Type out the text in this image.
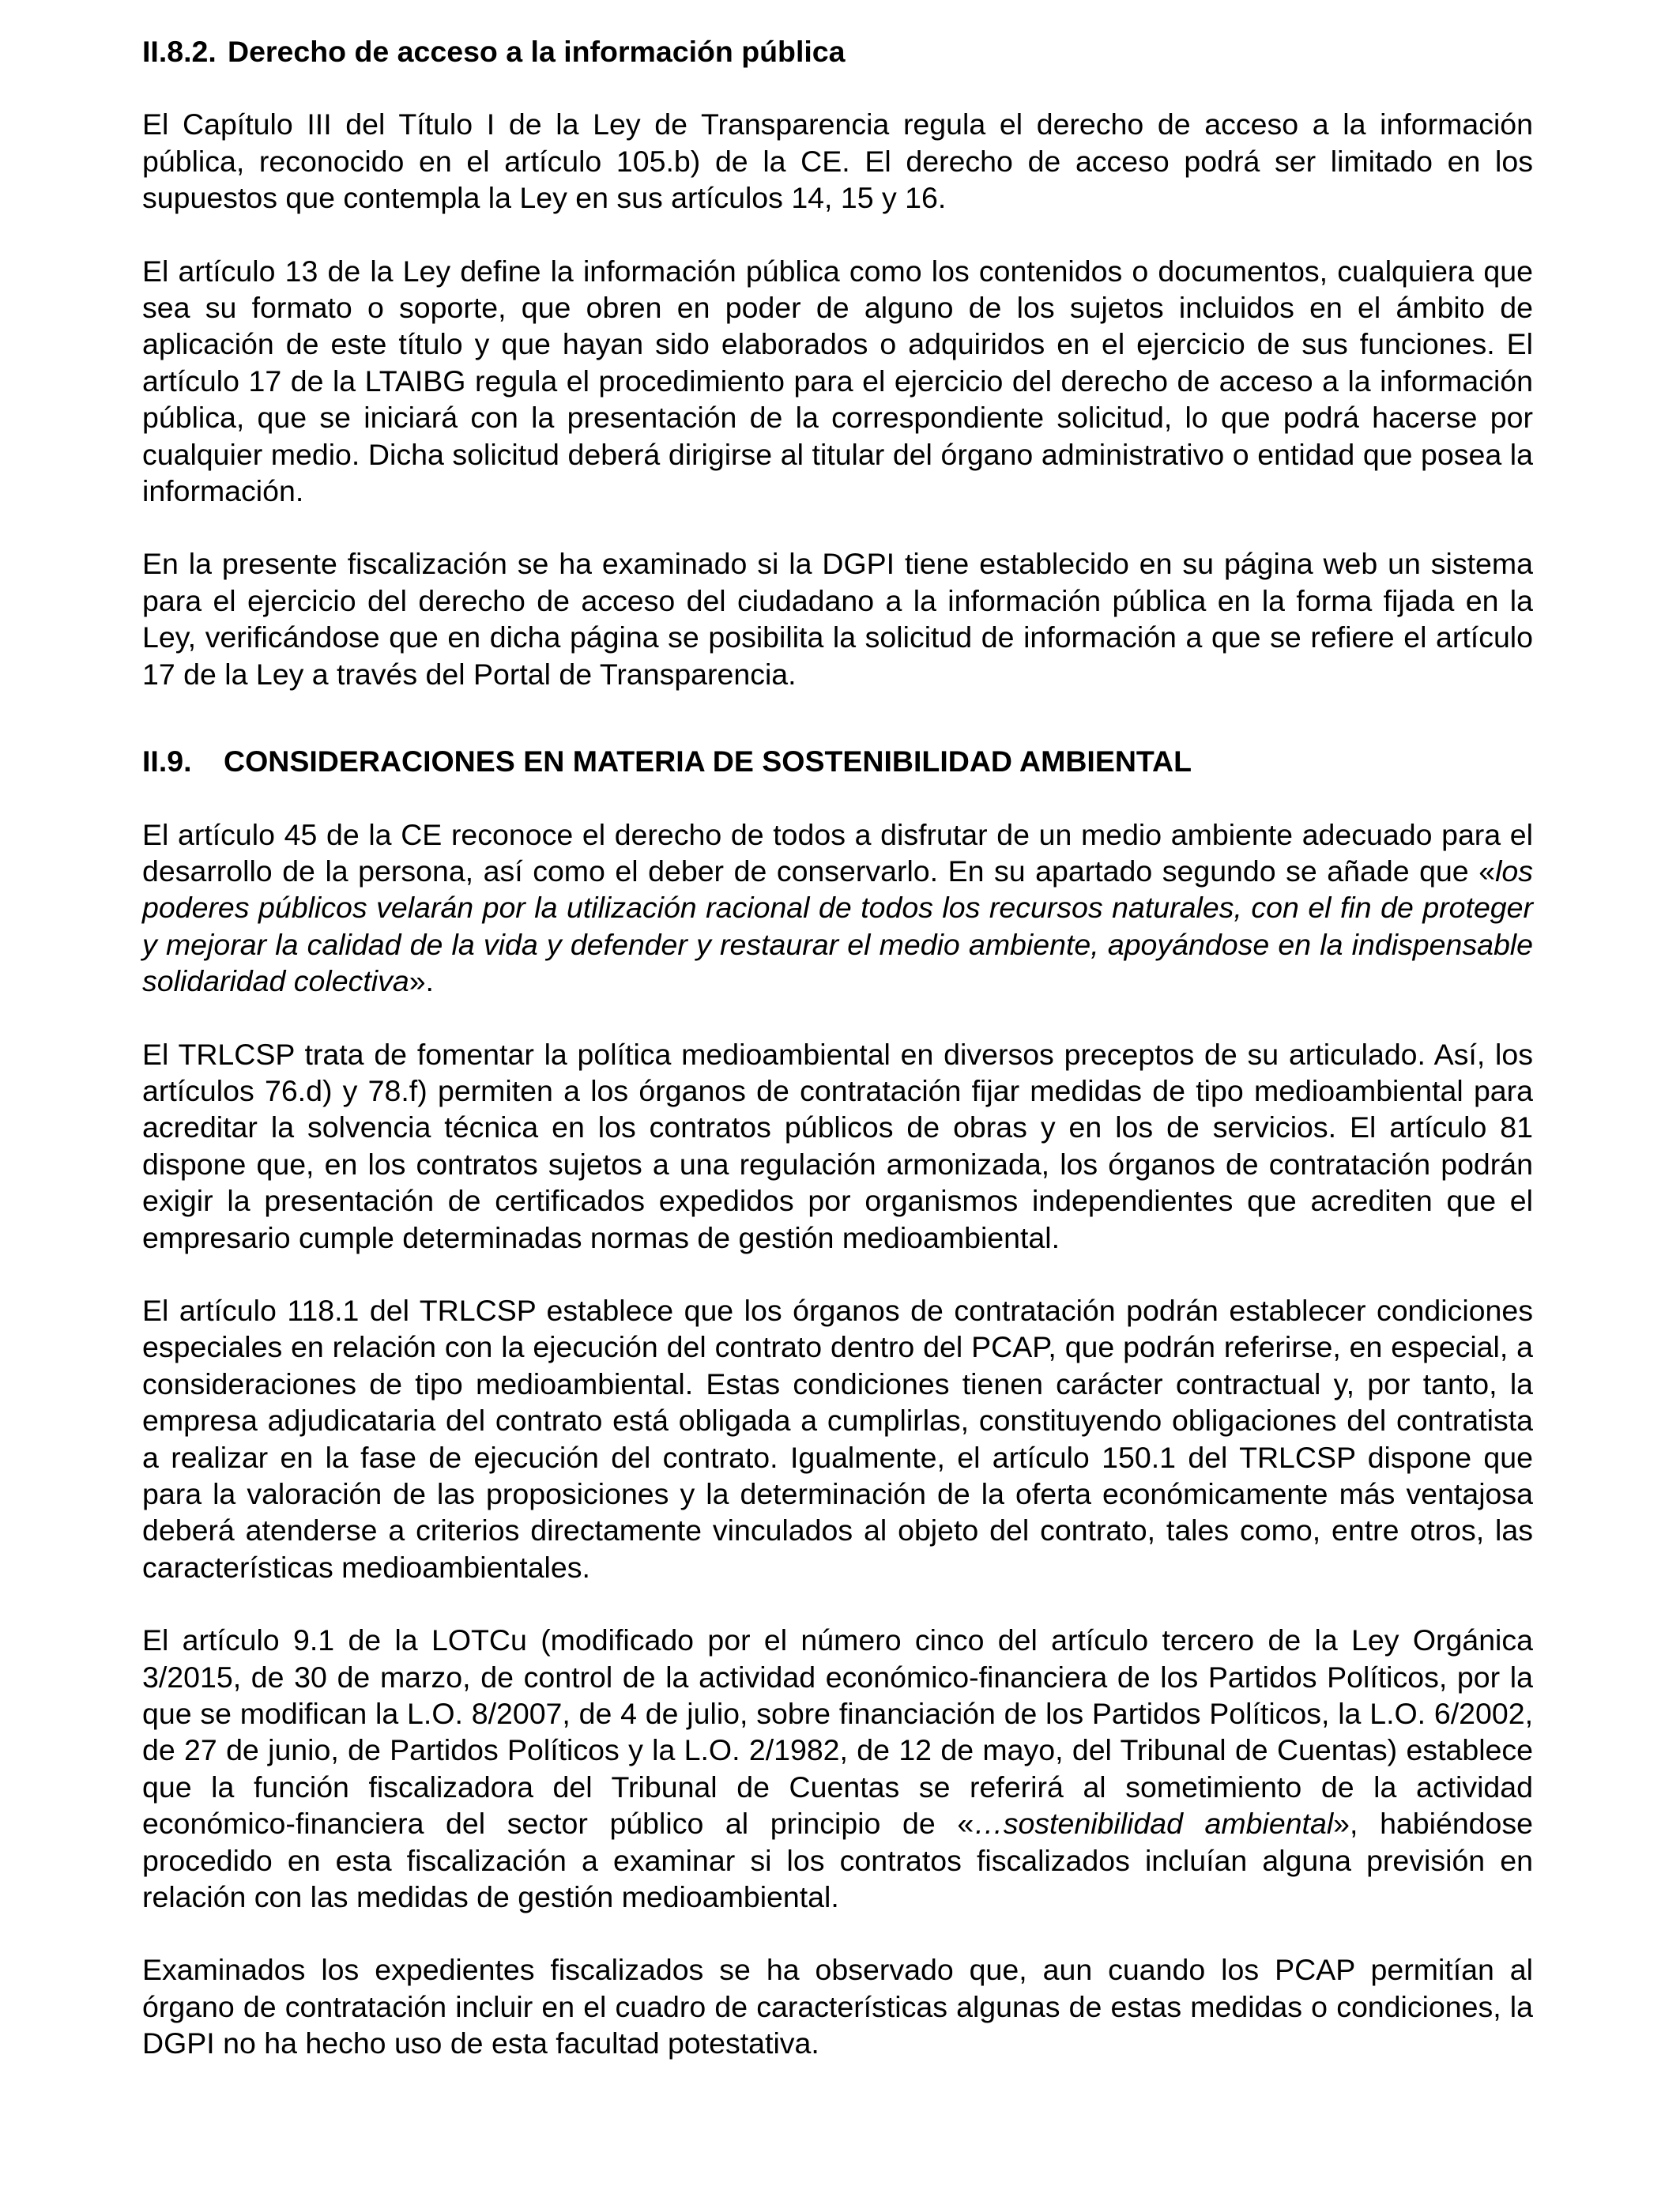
II.8.2. Derecho de acceso a la información pública

El Capítulo III del Título I de la Ley de Transparencia regula el derecho de acceso a la información pública, reconocido en el artículo 105.b) de la CE. El derecho de acceso podrá ser limitado en los supuestos que contempla la Ley en sus artículos 14, 15 y 16.

El artículo 13 de la Ley define la información pública como los contenidos o documentos, cualquiera que sea su formato o soporte, que obren en poder de alguno de los sujetos incluidos en el ámbito de aplicación de este título y que hayan sido elaborados o adquiridos en el ejercicio de sus funciones. El artículo 17 de la LTAIBG regula el procedimiento para el ejercicio del derecho de acceso a la información pública, que se iniciará con la presentación de la correspondiente solicitud, lo que podrá hacerse por cualquier medio. Dicha solicitud deberá dirigirse al titular del órgano administrativo o entidad que posea la información.

En la presente fiscalización se ha examinado si la DGPI tiene establecido en su página web un sistema para el ejercicio del derecho de acceso del ciudadano a la información pública en la forma fijada en la Ley, verificándose que en dicha página se posibilita la solicitud de información a que se refiere el artículo 17 de la Ley a través del Portal de Transparencia.

II.9. CONSIDERACIONES EN MATERIA DE SOSTENIBILIDAD AMBIENTAL

El artículo 45 de la CE reconoce el derecho de todos a disfrutar de un medio ambiente adecuado para el desarrollo de la persona, así como el deber de conservarlo. En su apartado segundo se añade que «los poderes públicos velarán por la utilización racional de todos los recursos naturales, con el fin de proteger y mejorar la calidad de la vida y defender y restaurar el medio ambiente, apoyándose en la indispensable solidaridad colectiva».

El TRLCSP trata de fomentar la política medioambiental en diversos preceptos de su articulado. Así, los artículos 76.d) y 78.f) permiten a los órganos de contratación fijar medidas de tipo medioambiental para acreditar la solvencia técnica en los contratos públicos de obras y en los de servicios. El artículo 81 dispone que, en los contratos sujetos a una regulación armonizada, los órganos de contratación podrán exigir la presentación de certificados expedidos por organismos independientes que acrediten que el empresario cumple determinadas normas de gestión medioambiental.

El artículo 118.1 del TRLCSP establece que los órganos de contratación podrán establecer condiciones especiales en relación con la ejecución del contrato dentro del PCAP, que podrán referirse, en especial, a consideraciones de tipo medioambiental. Estas condiciones tienen carácter contractual y, por tanto, la empresa adjudicataria del contrato está obligada a cumplirlas, constituyendo obligaciones del contratista a realizar en la fase de ejecución del contrato. Igualmente, el artículo 150.1 del TRLCSP dispone que para la valoración de las proposiciones y la determinación de la oferta económicamente más ventajosa deberá atenderse a criterios directamente vinculados al objeto del contrato, tales como, entre otros, las características medioambientales.

El artículo 9.1 de la LOTCu (modificado por el número cinco del artículo tercero de la Ley Orgánica 3/2015, de 30 de marzo, de control de la actividad económico-financiera de los Partidos Políticos, por la que se modifican la L.O. 8/2007, de 4 de julio, sobre financiación de los Partidos Políticos, la L.O. 6/2002, de 27 de junio, de Partidos Políticos y la L.O. 2/1982, de 12 de mayo, del Tribunal de Cuentas) establece que la función fiscalizadora del Tribunal de Cuentas se referirá al sometimiento de la actividad económico-financiera del sector público al principio de «…sostenibilidad ambiental», habiéndose procedido en esta fiscalización a examinar si los contratos fiscalizados incluían alguna previsión en relación con las medidas de gestión medioambiental.

Examinados los expedientes fiscalizados se ha observado que, aun cuando los PCAP permitían al órgano de contratación incluir en el cuadro de características algunas de estas medidas o condiciones, la DGPI no ha hecho uso de esta facultad potestativa.
